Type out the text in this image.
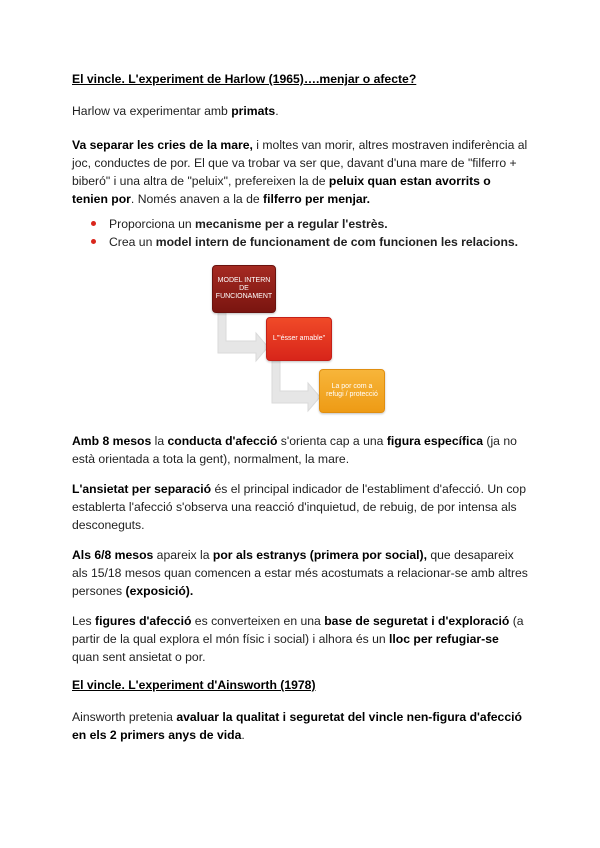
El vincle. L'experiment de Harlow (1965)….menjar o afecte?

Harlow va experimentar amb primats.

Va separar les cries de la mare, i moltes van morir, altres mostraven indiferència al joc, conductes de por. El que va trobar va ser que, davant d'una mare de "filferro + biberó" i una altra de "peluix", prefereixen la de peluix quan estan avorrits o tenien por. Només anaven a la de filferro per menjar.

Proporciona un mecanisme per a regular l'estrès.
Crea un model intern de funcionament de com funcionen les relacions.

Amb 8 mesos la conducta d'afecció s'orienta cap a una figura específica (ja no està orientada a tota la gent), normalment, la mare.

L'ansietat per separació és el principal indicador de l'establiment d'afecció. Un cop establerta l'afecció s'observa una reacció d'inquietud, de rebuig, de por intensa als desconeguts.

Als 6/8 mesos apareix la por als estranys (primera por social), que desapareix als 15/18 mesos quan comencen a estar més acostumats a relacionar-se amb altres persones (exposició).

Les figures d'afecció es converteixen en una base de seguretat i d'exploració (a partir de la qual explora el món físic i social) i alhora és un lloc per refugiar-se quan sent ansietat o por.

El vincle. L'experiment d'Ainsworth (1978)

Ainsworth pretenia avaluar la qualitat i seguretat del vincle nen-figura d'afecció en els 2 primers anys de vida.

MODEL INTERN DE FUNCIONAMENT
L'"ésser amable"
La por com a refugi / protecció
